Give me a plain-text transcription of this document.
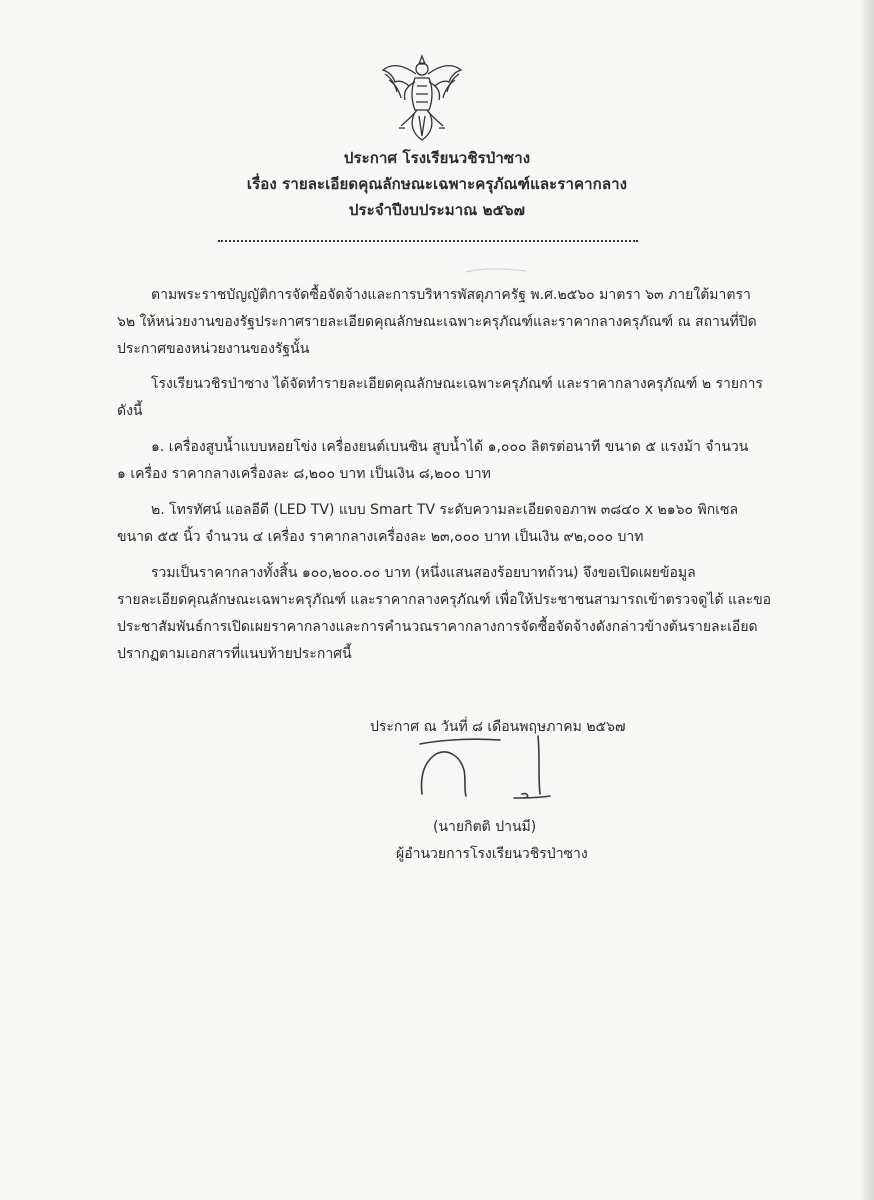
ประกาศ โรงเรียนวชิรป่าซาง
เรื่อง รายละเอียดคุณลักษณะเฉพาะครุภัณฑ์และราคากลาง
ประจำปีงบประมาณ ๒๕๖๗

ตามพระราชบัญญัติการจัดซื้อจัดจ้างและการบริหารพัสดุภาครัฐ พ.ศ.๒๕๖๐ มาตรา ๖๓ ภายใต้มาตรา

๖๒ ให้หน่วยงานของรัฐประกาศรายละเอียดคุณลักษณะเฉพาะครุภัณฑ์และราคากลางครุภัณฑ์ ณ สถานที่ปิด

ประกาศของหน่วยงานของรัฐนั้น

โรงเรียนวชิรป่าซาง ได้จัดทำรายละเอียดคุณลักษณะเฉพาะครุภัณฑ์ และราคากลางครุภัณฑ์ ๒ รายการ

ดังนี้

๑. เครื่องสูบน้ำแบบหอยโข่ง เครื่องยนต์เบนซิน สูบน้ำได้ ๑,๐๐๐ ลิตรต่อนาที ขนาด ๕ แรงม้า จำนวน

๑ เครื่อง ราคากลางเครื่องละ ๘,๒๐๐ บาท เป็นเงิน ๘,๒๐๐ บาท

๒. โทรทัศน์ แอลอีดี (LED TV) แบบ Smart TV ระดับความละเอียดจอภาพ ๓๘๔๐ x ๒๑๖๐ พิกเซล

ขนาด ๕๕ นิ้ว จำนวน ๔ เครื่อง ราคากลางเครื่องละ ๒๓,๐๐๐ บาท เป็นเงิน ๙๒,๐๐๐ บาท

รวมเป็นราคากลางทั้งสิ้น ๑๐๐,๒๐๐.๐๐ บาท (หนึ่งแสนสองร้อยบาทถ้วน) จึงขอเปิดเผยข้อมูล

รายละเอียดคุณลักษณะเฉพาะครุภัณฑ์ และราคากลางครุภัณฑ์ เพื่อให้ประชาชนสามารถเข้าตรวจดูได้ และขอ

ประชาสัมพันธ์การเปิดเผยราคากลางและการคำนวณราคากลางการจัดซื้อจัดจ้างดังกล่าวข้างต้นรายละเอียด

ปรากฏตามเอกสารที่แนบท้ายประกาศนี้

ประกาศ ณ วันที่ ๘ เดือนพฤษภาคม ๒๕๖๗
(นายกิตติ ปานมี)
ผู้อำนวยการโรงเรียนวชิรป่าซาง
